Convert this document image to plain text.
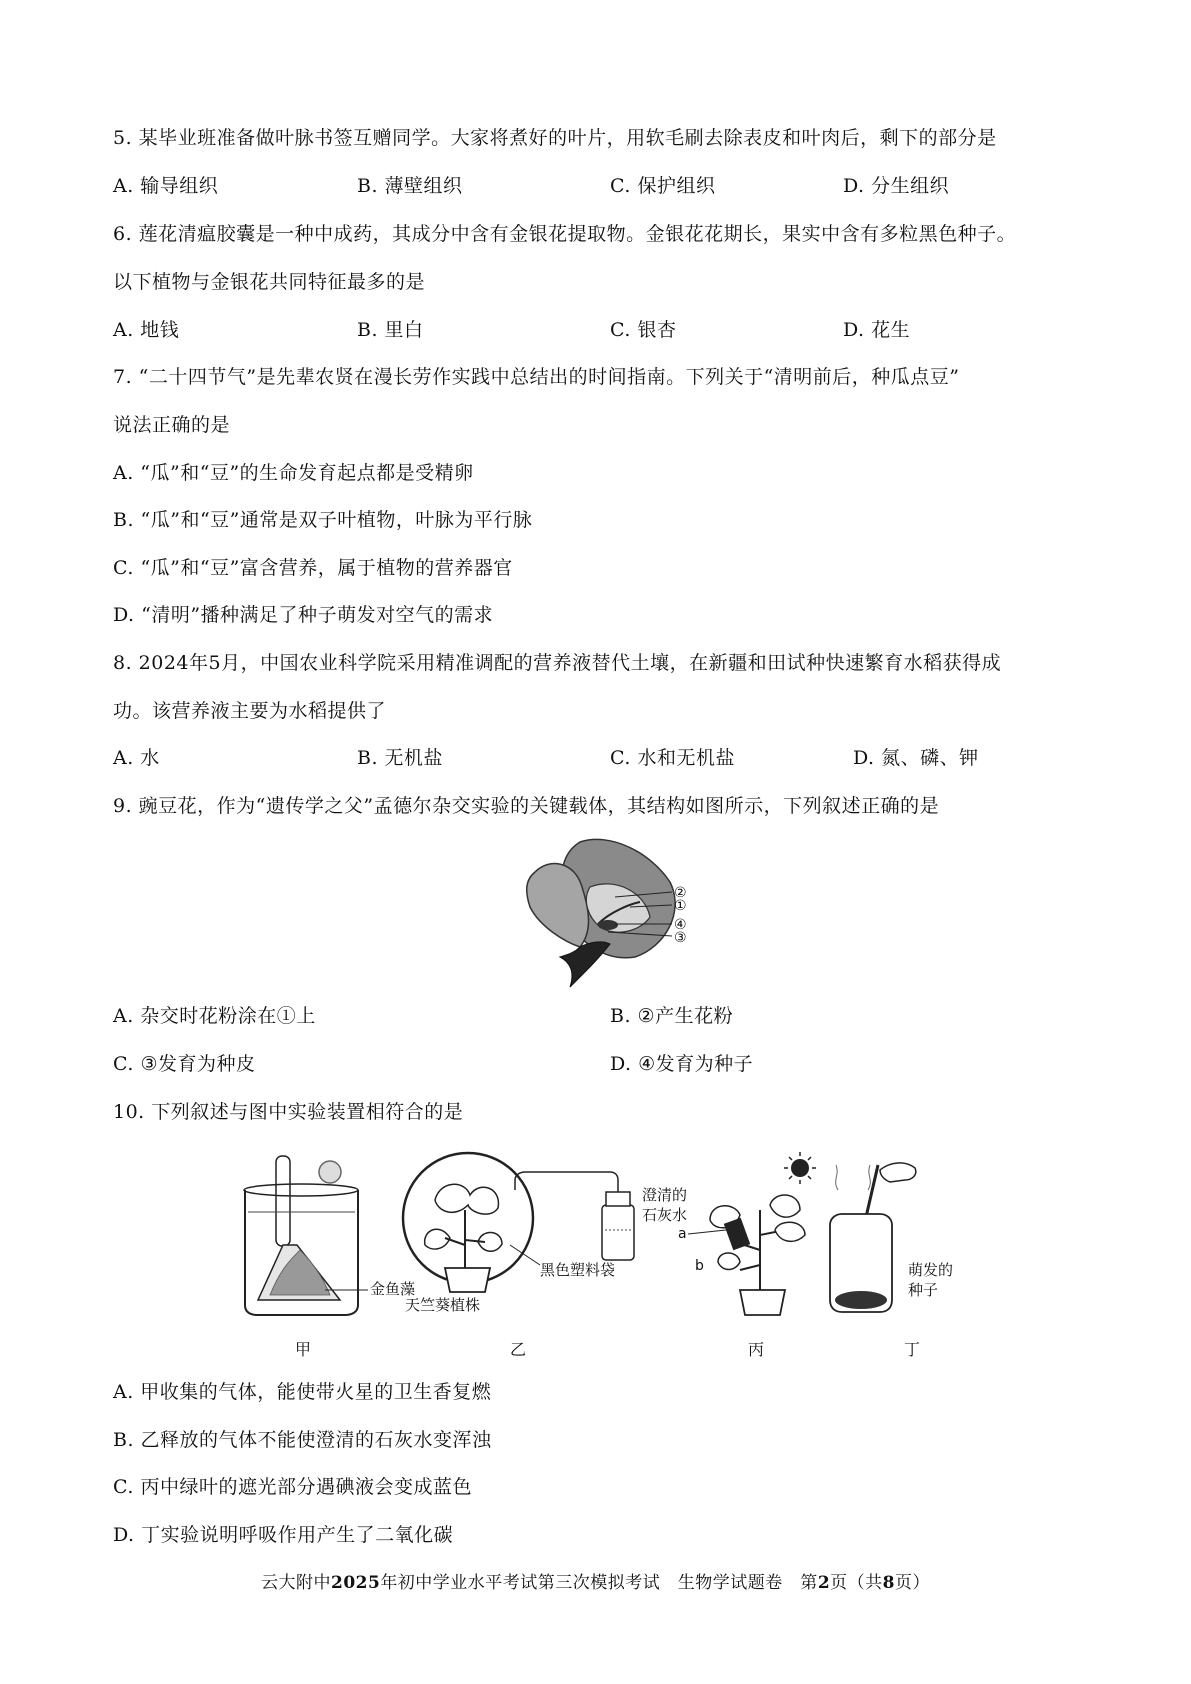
5. 某毕业班准备做叶脉书签互赠同学。大家将煮好的叶片，用软毛刷去除表皮和叶肉后，剩下的部分是
A. 输导组织	B. 薄壁组织	C. 保护组织	D. 分生组织
6. 莲花清瘟胶囊是一种中成药，其成分中含有金银花提取物。金银花花期长，果实中含有多粒黑色种子。
以下植物与金银花共同特征最多的是
A. 地钱	B. 里白	C. 银杏	D. 花生
7. “二十四节气”是先辈农贤在漫长劳作实践中总结出的时间指南。下列关于“清明前后，种瓜点豆”
说法正确的是
A. “瓜”和“豆”的生命发育起点都是受精卵
B. “瓜”和“豆”通常是双子叶植物，叶脉为平行脉
C. “瓜”和“豆”富含营养，属于植物的营养器官
D. “清明”播种满足了种子萌发对空气的需求
8. 2024年5月，中国农业科学院采用精准调配的营养液替代土壤，在新疆和田试种快速繁育水稻获得成
功。该营养液主要为水稻提供了
A. 水	B. 无机盐	C. 水和无机盐	D. 氮、磷、钾
9. 豌豆花，作为“遗传学之父”孟德尔杂交实验的关键载体，其结构如图所示，下列叙述正确的是
②
①
④
③
A. 杂交时花粉涂在①上	B. ②产生花粉
C. ③发育为种皮	D. ④发育为种子
10. 下列叙述与图中实验装置相符合的是
金鱼藻
澄清的
石灰水
黑色塑料袋
天竺葵植株
a
b	萌发的
种子
甲	乙	丙	丁
A. 甲收集的气体，能使带火星的卫生香复燃
B. 乙释放的气体不能使澄清的石灰水变浑浊
C. 丙中绿叶的遮光部分遇碘液会变成蓝色
D. 丁实验说明呼吸作用产生了二氧化碳
云大附中2025年初中学业水平考试第三次模拟考试　生物学试题卷　第2页（共8页）
